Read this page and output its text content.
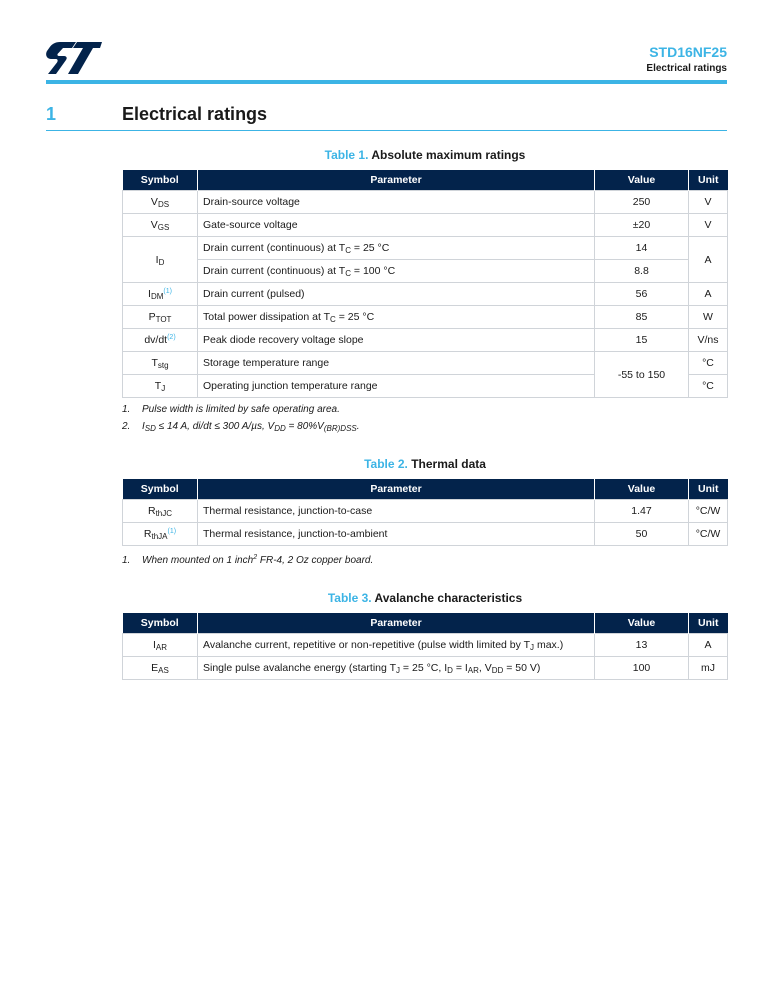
STD16NF25
Electrical ratings
1	Electrical ratings
Table 1. Absolute maximum ratings
Symbol	Parameter	Value	Unit
$V_{DS}$	Drain-source voltage	250	V
$V_{GS}$	Gate-source voltage	±20	V
$I_D$	Drain current (continuous) at $T_C = 25$ °C	14	A
	Drain current (continuous) at $T_C = 100$ °C	8.8	
$I_{DM}^{(1)}$	Drain current (pulsed)	56	A
$P_{TOT}$	Total power dissipation at $T_C = 25$ °C	85	W
dv/dt$^{(2)}$	Peak diode recovery voltage slope	15	V/ns
$T_{stg}$	Storage temperature range	-55 to 150	°C
$T_J$	Operating junction temperature range		°C
1. Pulse width is limited by safe operating area.
2. $I_{SD} \le 14$ A, di/dt ≤ 300 A/µs, $V_{DD} = 80\%V_{(BR)DSS}$.
Table 2. Thermal data
Symbol	Parameter	Value	Unit
$R_{thJC}$	Thermal resistance, junction-to-case	1.47	°C/W
$R_{thJA}^{(1)}$	Thermal resistance, junction-to-ambient	50	°C/W
1. When mounted on 1 inch$^2$ FR-4, 2 Oz copper board.
Table 3. Avalanche characteristics
Symbol	Parameter	Value	Unit
$I_{AR}$	Avalanche current, repetitive or non-repetitive (pulse width limited by $T_J$ max.)	13	A
$E_{AS}$	Single pulse avalanche energy (starting $T_J = 25$ °C, $I_D = I_{AR}$, $V_{DD} = 50$ V)	100	mJ
